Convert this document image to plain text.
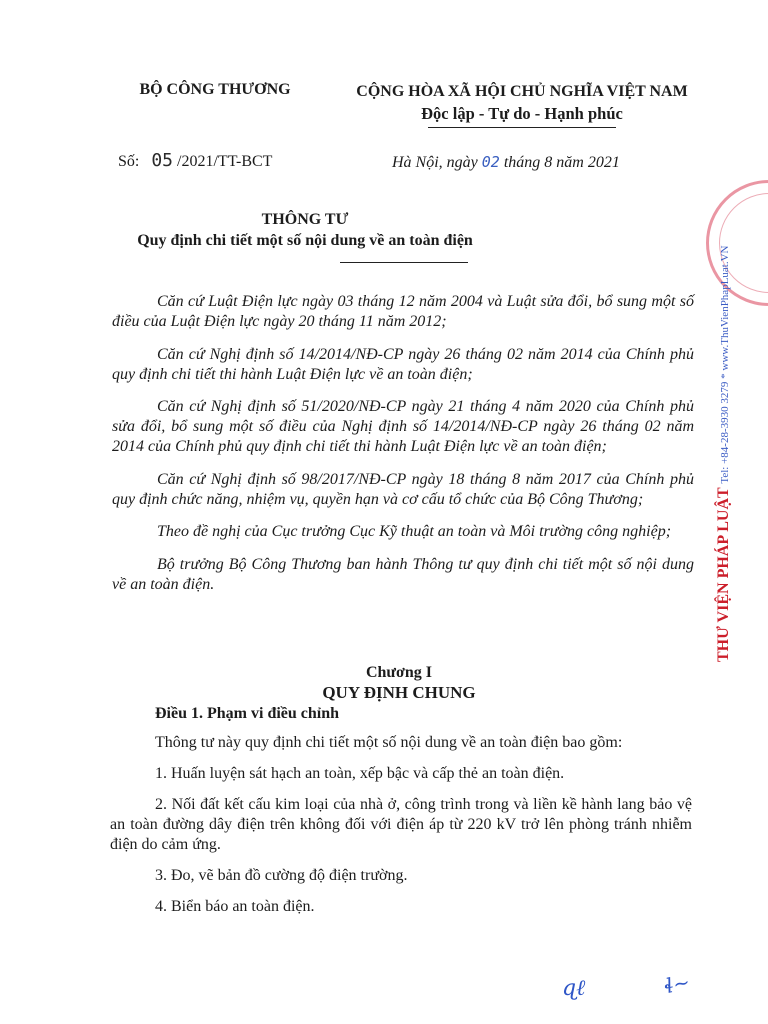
BỘ CÔNG THƯƠNG	CỘNG HÒA XÃ HỘI CHỦ NGHĨA VIỆT NAM
Độc lập - Tự do - Hạnh phúc
Số: 05 /2021/TT-BCT	Hà Nội, ngày 02 tháng 8 năm 2021
THÔNG TƯ
Quy định chi tiết một số nội dung về an toàn điện

Căn cứ Luật Điện lực ngày 03 tháng 12 năm 2004 và Luật sửa đổi, bổ sung một số điều của Luật Điện lực ngày 20 tháng 11 năm 2012;

Căn cứ Nghị định số 14/2014/NĐ-CP ngày 26 tháng 02 năm 2014 của Chính phủ quy định chi tiết thi hành Luật Điện lực về an toàn điện;

Căn cứ Nghị định số 51/2020/NĐ-CP ngày 21 tháng 4 năm 2020 của Chính phủ sửa đổi, bổ sung một số điều của Nghị định số 14/2014/NĐ-CP ngày 26 tháng 02 năm 2014 của Chính phủ quy định chi tiết thi hành Luật Điện lực về an toàn điện;

Căn cứ Nghị định số 98/2017/NĐ-CP ngày 18 tháng 8 năm 2017 của Chính phủ quy định chức năng, nhiệm vụ, quyền hạn và cơ cấu tổ chức của Bộ Công Thương;

Theo đề nghị của Cục trưởng Cục Kỹ thuật an toàn và Môi trường công nghiệp;

Bộ trưởng Bộ Công Thương ban hành Thông tư quy định chi tiết một số nội dung về an toàn điện.

Chương I
QUY ĐỊNH CHUNG
Điều 1. Phạm vi điều chỉnh

Thông tư này quy định chi tiết một số nội dung về an toàn điện bao gồm:

1. Huấn luyện sát hạch an toàn, xếp bậc và cấp thẻ an toàn điện.

2. Nối đất kết cấu kim loại của nhà ở, công trình trong và liền kề hành lang bảo vệ an toàn đường dây điện trên không đối với điện áp từ 220 kV trở lên phòng tránh nhiễm điện do cảm ứng.

3. Đo, vẽ bản đồ cường độ điện trường.

4. Biển báo an toàn điện.

THƯ VIỆN PHÁP LUẬT Tel: +84-28-3930 3279 * www.ThuVienPhapLuat.VN
ɋℓ	ɬ~
